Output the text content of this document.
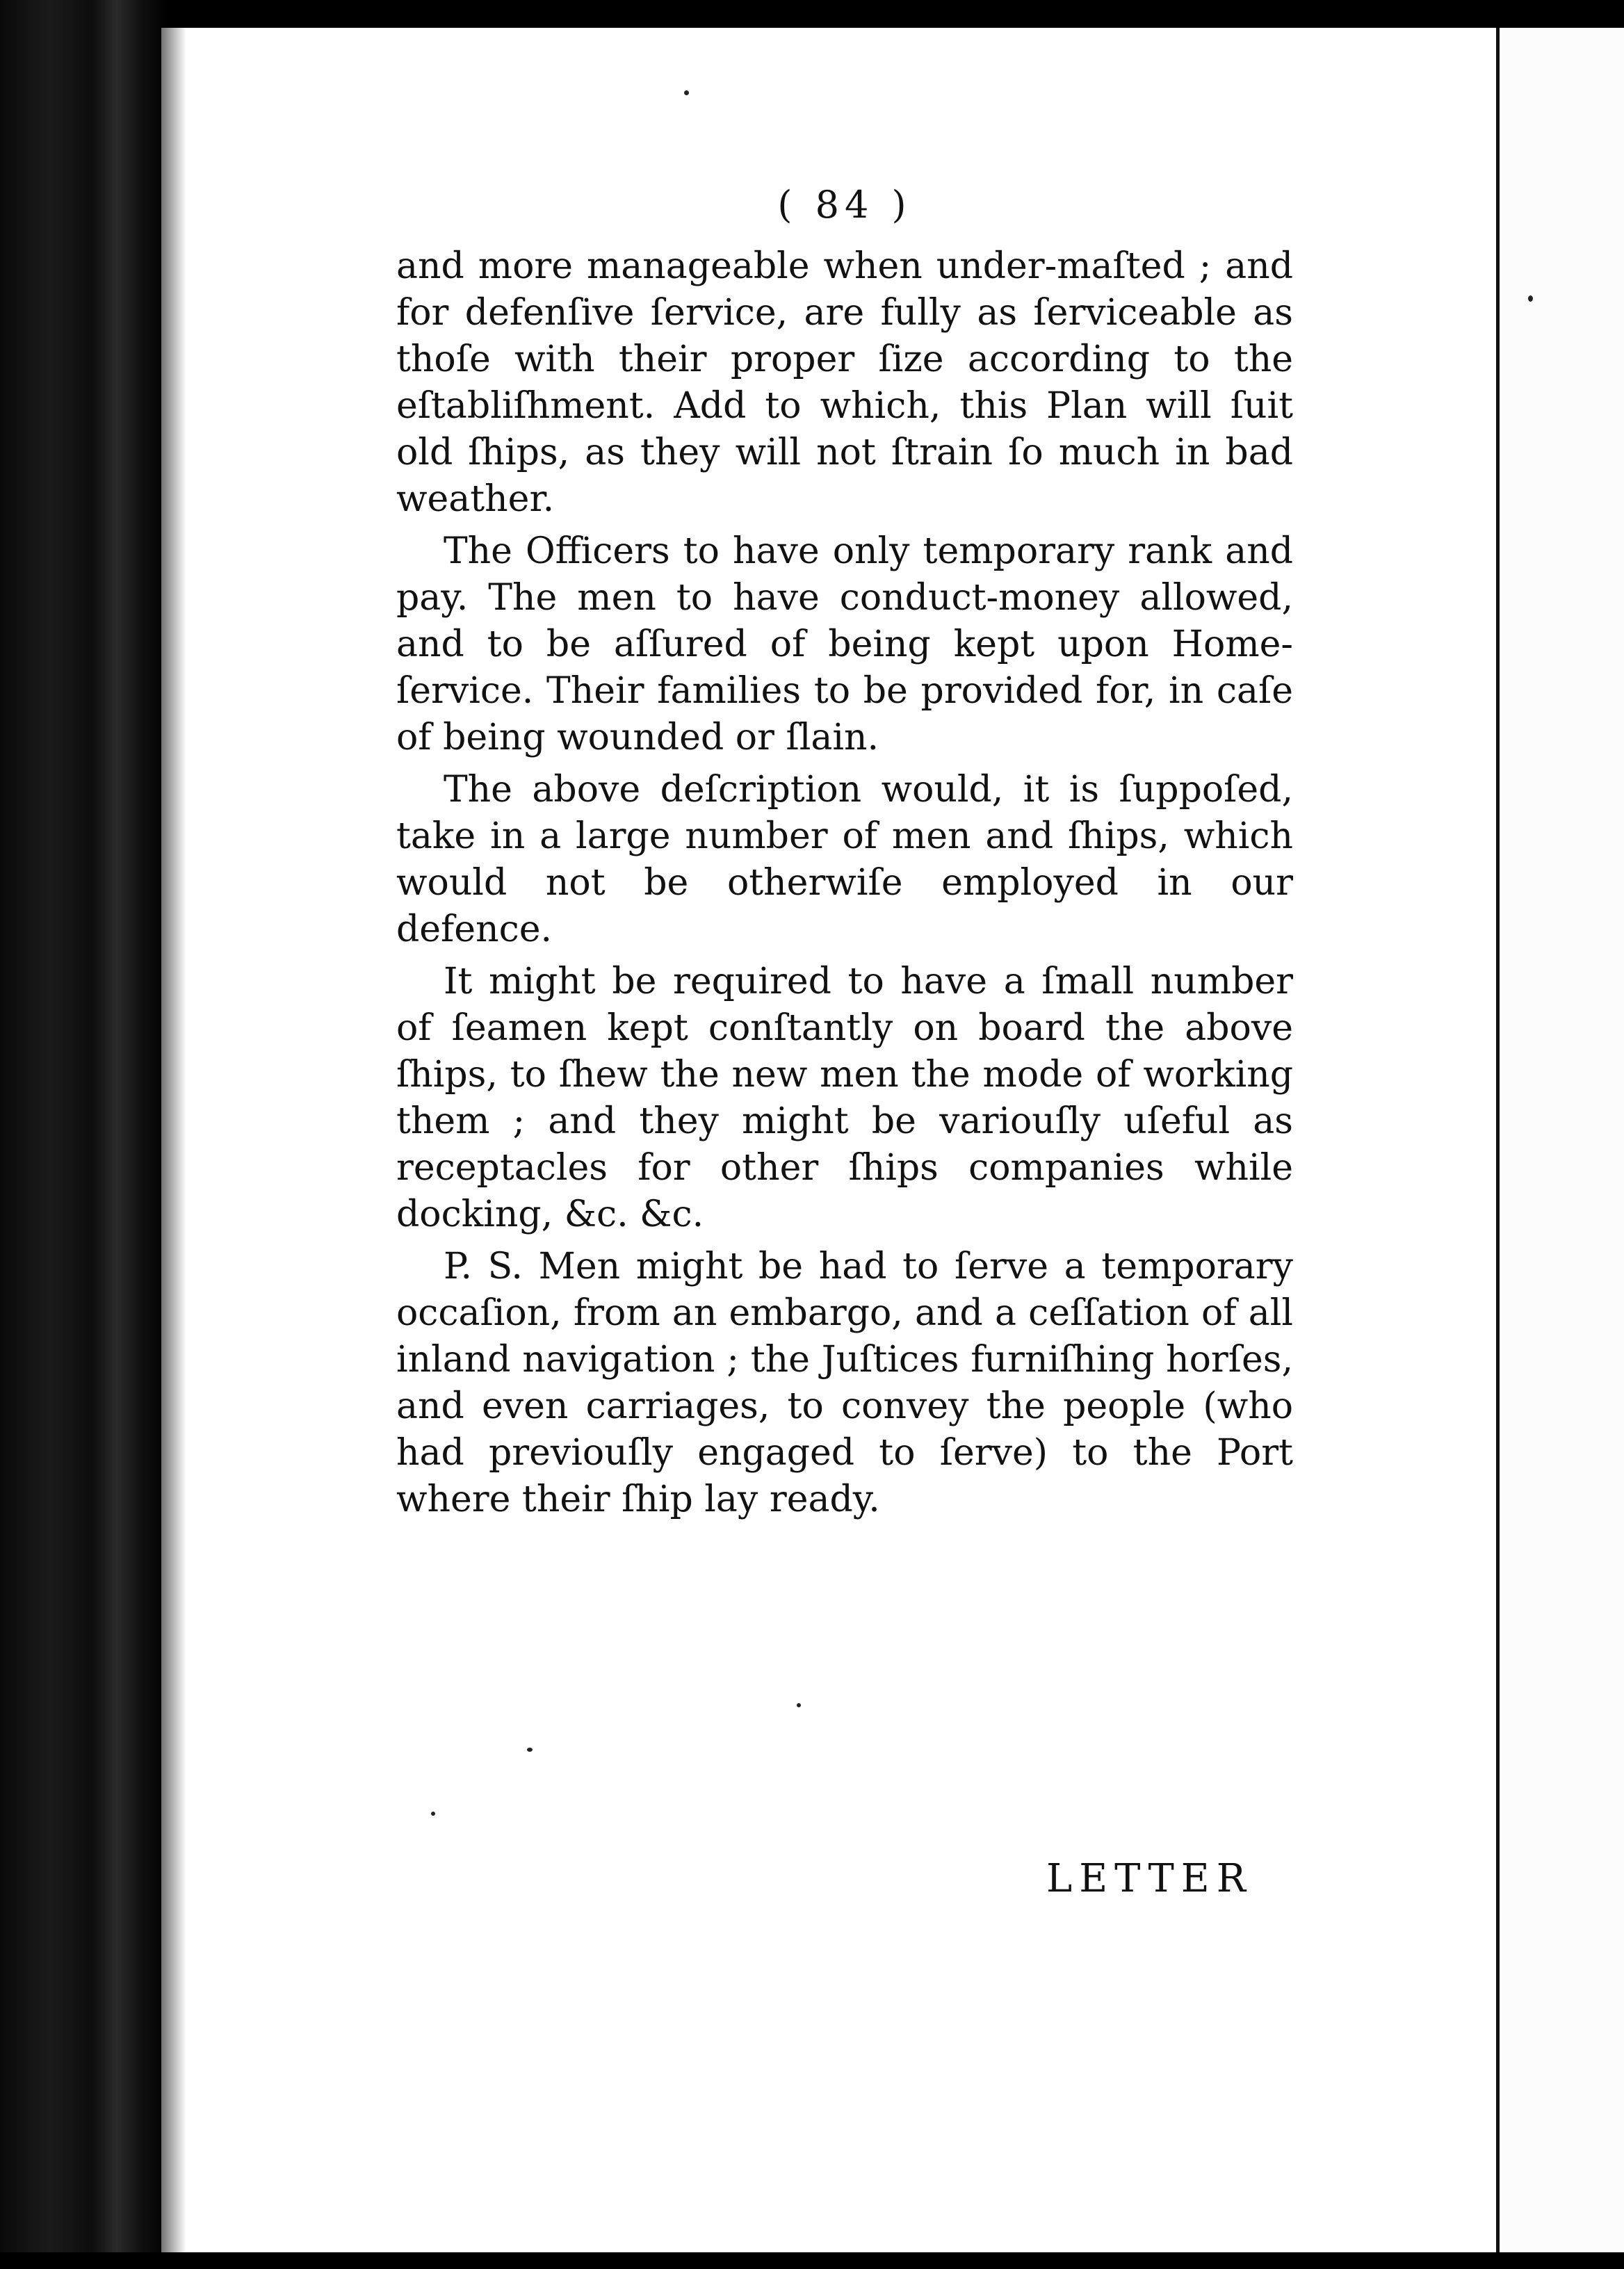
( 84 )

and more manageable when under-maſted ; and for defenſive ſervice, are fully as ſerviceable as thoſe with their proper ſize according to the eſtabliſhment. Add to which, this Plan will ſuit old ſhips, as they will not ſtrain ſo much in bad weather.

The Officers to have only temporary rank and pay. The men to have conduct-money allowed, and to be aſſured of being kept upon Home-ſervice. Their families to be provided for, in caſe of being wounded or ſlain.

The above deſcription would, it is ſuppoſed, take in a large number of men and ſhips, which would not be otherwiſe employed in our defence.

It might be required to have a ſmall number of ſeamen kept conſtantly on board the above ſhips, to ſhew the new men the mode of working them ; and they might be variouſly uſeful as receptacles for other ſhips companies while docking, &c. &c.

P. S. Men might be had to ſerve a temporary occaſion, from an embargo, and a ceſſation of all inland navigation ; the Juſtices furniſhing horſes, and even carriages, to convey the people (who had previouſly engaged to ſerve) to the Port where their ſhip lay ready.

LETTER
